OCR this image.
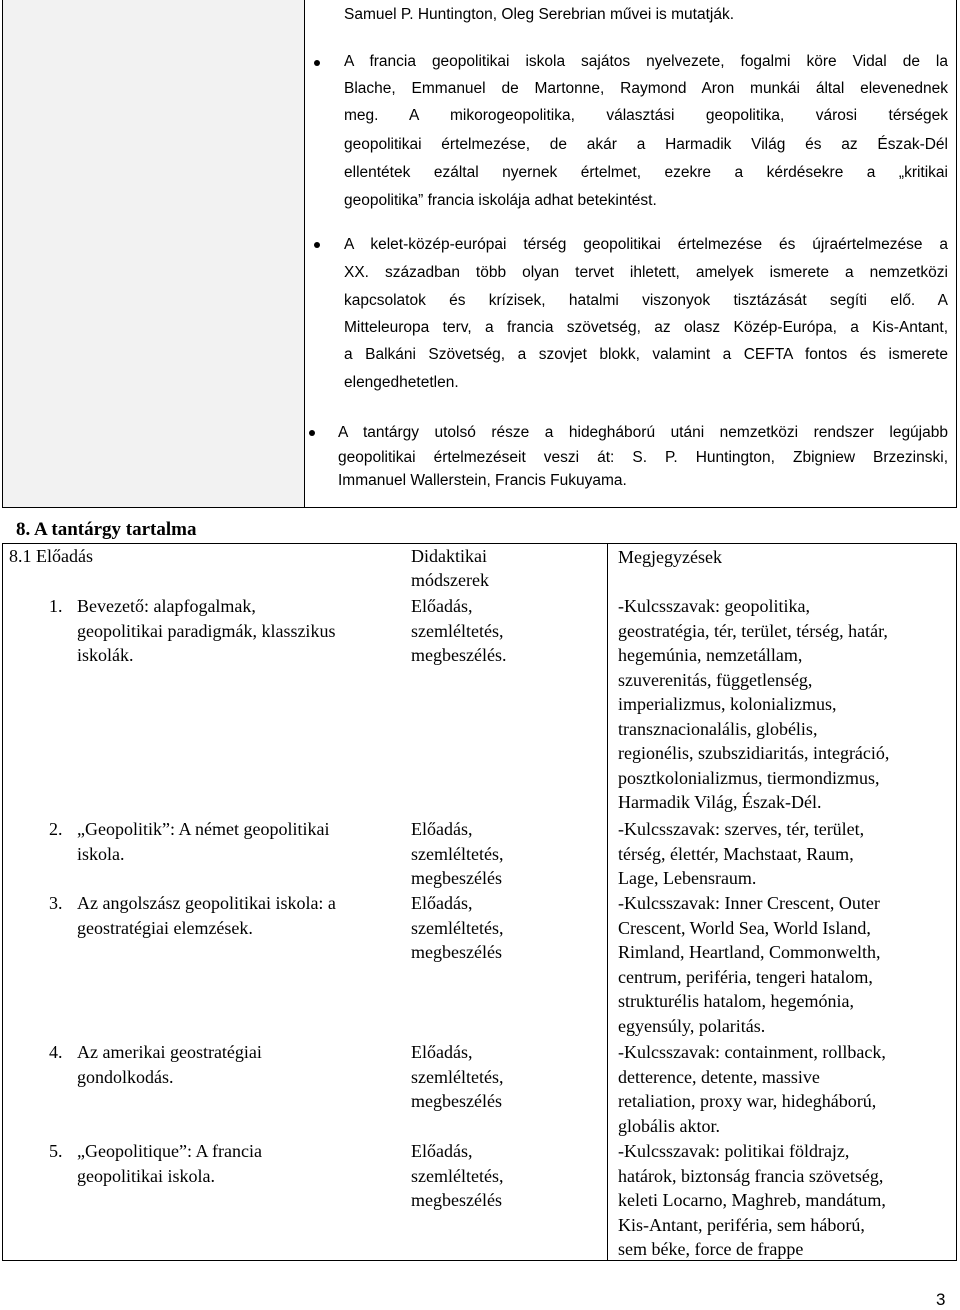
Samuel P. Huntington, Oleg Serebrian művei is mutatják.
A francia geopolitikai iskola sajátos nyelvezete, fogalmi köre Vidal de la
Blache, Emmanuel de Martonne, Raymond Aron munkái által elevenednek
meg. A mikorogeopolitika, választási geopolitika, városi térségek
geopolitikai értelmezése, de akár a Harmadik Világ és az Észak-Dél
ellentétek ezáltal nyernek értelmet, ezekre a kérdésekre a „kritikai
geopolitika” francia iskolája adhat betekintést.
A kelet-közép-európai térség geopolitikai értelmezése és újraértelmezése a
XX. században több olyan tervet ihletett, amelyek ismerete a nemzetközi
kapcsolatok és krízisek, hatalmi viszonyok tisztázását segíti elő. A
Mitteleuropa terv, a francia szövetség, az olasz Közép-Európa, a Kis-Antant,
a Balkáni Szövetség, a szovjet blokk, valamint a CEFTA fontos és ismerete
elengedhetetlen.
A tantárgy utolsó része a hidegháború utáni nemzetközi rendszer legújabb
geopolitikai értelmezéseit veszi át: S. P. Huntington, Zbigniew Brzezinski,
Immanuel Wallerstein, Francis Fukuyama.
8. A tantárgy tartalma
8.1 Előadás	Didaktikai
módszerek
Megjegyzések
1. Bevezető: alapfogalmak,
geopolitikai paradigmák, klasszikus
iskolák.
Előadás,
szemléltetés,
megbeszélés.
-Kulcsszavak: geopolitika,
geostratégia, tér, terület, térség, határ,
hegemúnia, nemzetállam,
szuverenitás, függetlenség,
imperializmus, kolonializmus,
transznacionalális, globélis,
regionélis, szubszidiaritás, integráció,
posztkolonializmus, tiermondizmus,
Harmadik Világ, Észak-Dél.
2. „Geopolitik”: A német geopolitikai
iskola.
Előadás,
szemléltetés,
megbeszélés
-Kulcsszavak: szerves, tér, terület,
térség, élettér, Machstaat, Raum,
Lage, Lebensraum.
3. Az angolszász geopolitikai iskola: a
geostratégiai elemzések.
Előadás,
szemléltetés,
megbeszélés
-Kulcsszavak: Inner Crescent, Outer
Crescent, World Sea, World Island,
Rimland, Heartland, Commonwelth,
centrum, periféria, tengeri hatalom,
strukturélis hatalom, hegemónia,
egyensúly, polaritás.
4. Az amerikai geostratégiai
gondolkodás.
Előadás,
szemléltetés,
megbeszélés
-Kulcsszavak: containment, rollback,
detterence, detente, massive
retaliation, proxy war, hidegháború,
globális aktor.
5. „Geopolitique”: A francia
geopolitikai iskola.
Előadás,
szemléltetés,
megbeszélés
-Kulcsszavak: politikai földrajz,
határok, biztonság francia szövetség,
keleti Locarno, Maghreb, mandátum,
Kis-Antant, periféria, sem háború,
sem béke, force de frappe
3
